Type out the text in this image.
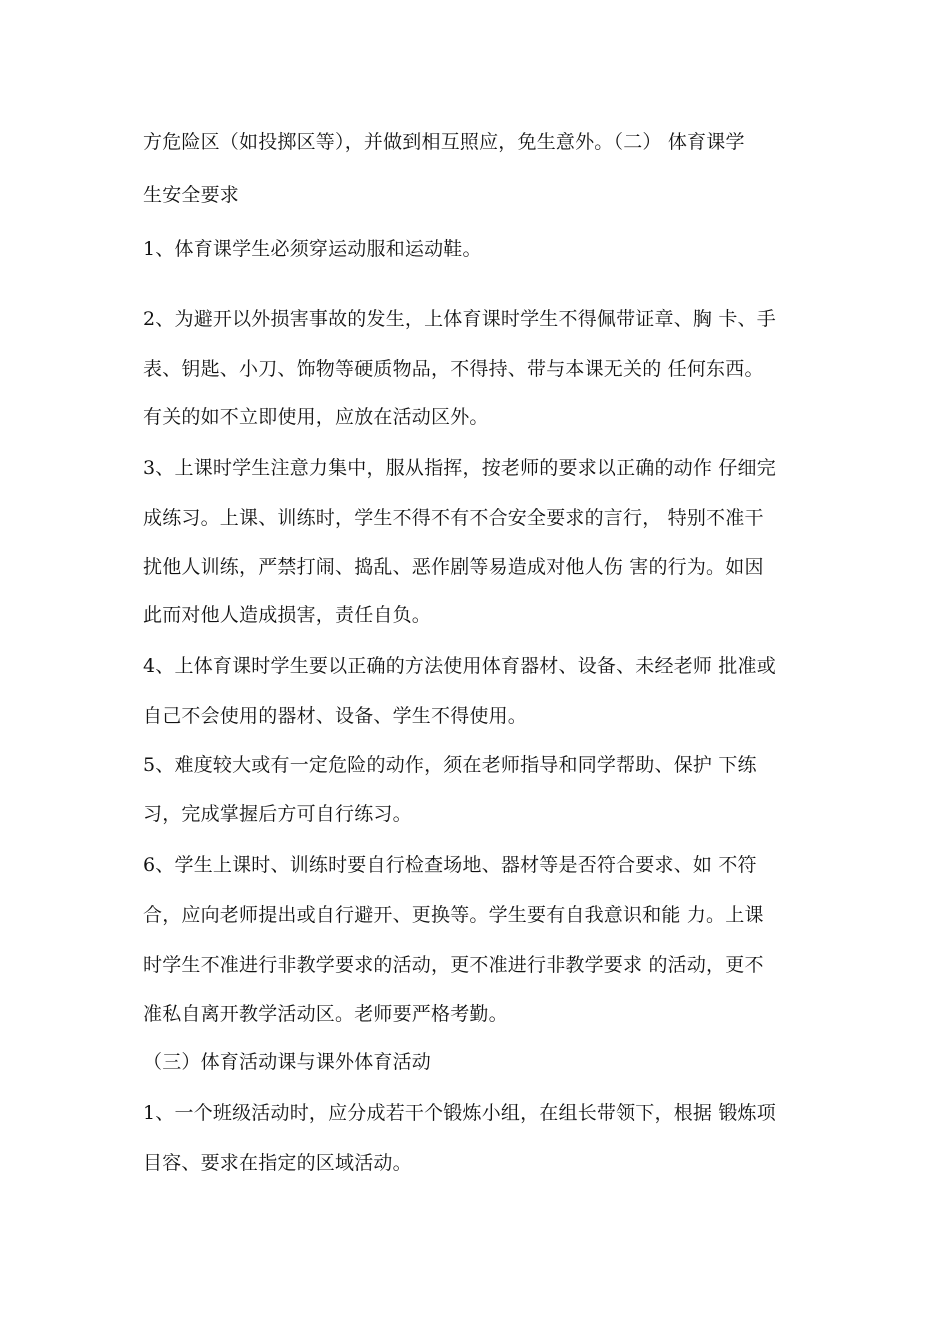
方危险区（如投掷区等），并做到相互照应，免生意外。（二） 体育课学
生安全要求
1、体育课学生必须穿运动服和运动鞋。
2、为避开以外损害事故的发生，上体育课时学生不得佩带证章、胸 卡、手
表、钥匙、小刀、饰物等硬质物品，不得持、带与本课无关的 任何东西。
有关的如不立即使用，应放在活动区外。
3、上课时学生注意力集中，服从指挥，按老师的要求以正确的动作 仔细完
成练习。上课、训练时，学生不得不有不合安全要求的言行， 特别不准干
扰他人训练，严禁打闹、捣乱、恶作剧等易造成对他人伤 害的行为。如因
此而对他人造成损害，责任自负。
4、上体育课时学生要以正确的方法使用体育器材、设备、未经老师 批准或
自己不会使用的器材、设备、学生不得使用。
5、难度较大或有一定危险的动作，须在老师指导和同学帮助、保护 下练
习，完成掌握后方可自行练习。
6、学生上课时、训练时要自行检查场地、器材等是否符合要求、如 不符
合，应向老师提出或自行避开、更换等。学生要有自我意识和能 力。上课
时学生不准进行非教学要求的活动，更不准进行非教学要求 的活动，更不
准私自离开教学活动区。老师要严格考勤。
（三）体育活动课与课外体育活动
1、一个班级活动时，应分成若干个锻炼小组，在组长带领下，根据 锻炼项
目容、要求在指定的区域活动。
